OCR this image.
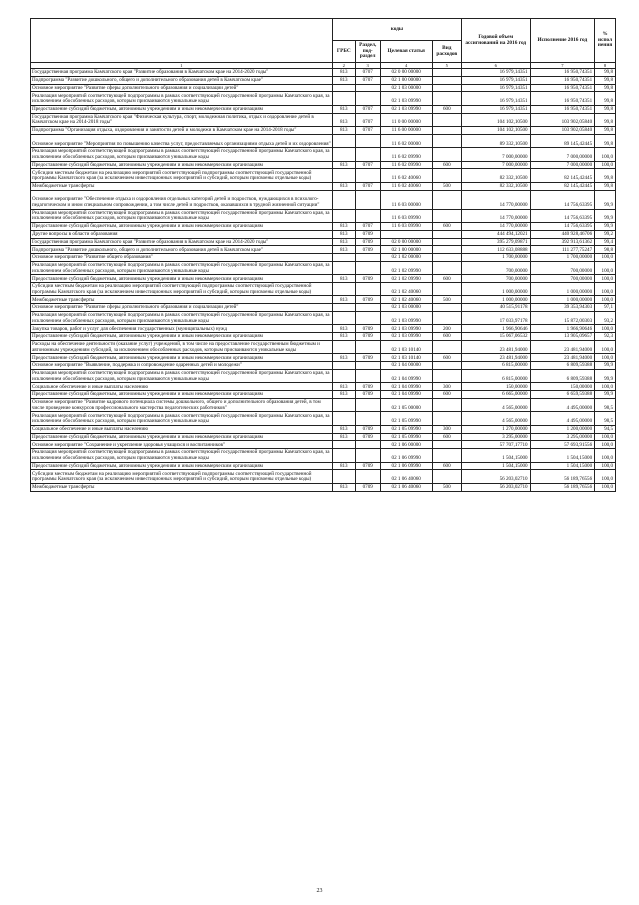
	коды				Годовой объем ассигнований на 2016 год	Исполнение 2016 год	% испол нения
	ГРБС	Раздел, под-раздел	Целевая статья	Вид расходов			
1	2	3	4	5	6	7	8
Государственная программа Камчатского края "Развитие образования в Камчатском крае на 2014-2020 годы"	813	0707	02 0 00 00000		16 979,14351	16 950,74351	99,8
Подпрограмма "Развитие дошкольного, общего и дополнительного образования детей в Камчатском крае"	813	0707	02 1 00 00000		16 979,14351	16 950,74351	99,8
Основное мероприятие "Развитие сферы дополнительного образования и социализации детей"			02 1 03 00000		16 979,14351	16 950,74351	99,8
Реализация мероприятий соответствующей подпрограммы в рамках соответствующей государственной программы Камчатского края, за исключением обособленных расходов, которым присваиваются уникальные коды			02 1 03 09990		16 979,14351	16 950,74351	99,8
Предоставление субсидий бюджетным, автономным учреждениям и иным некоммерческим организациям	813	0707	02 1 03 09990	600	16 979,14351	16 950,74351	99,8
Государственная программа Камчатского края "Физическая культура, спорт, молодежная политика, отдых и оздоровление детей в Камчатском крае на 2014-2018 годы"	813	0707	11 0 00 00000		104 102,10500	103 902,05840	99,8
Подпрограмма "Организация отдыха, оздоровления и занятости детей и молодежи в Камчатском крае на 2014-2018 годы"	813	0707	11 6 00 00000		104 102,10500	103 902,05840	99,8
Основное мероприятие "Мероприятия по повышению качества услуг, предоставляемых организациями отдыха детей и их оздоровления"			11 6 02 00000		89 332,10500	89 145,42445	99,8
Реализация мероприятий соответствующей подпрограммы в рамках соответствующей государственной программы Камчатского края, за исключением обособленных расходов, которым присваиваются уникальные коды			11 6 02 09990		7 000,00000	7 000,00000	100,0
Предоставление субсидий бюджетным, автономным учреждениям и иным некоммерческим организациям	813	0707	11 6 02 09990	600	7 000,00000	7 000,00000	100,0
Субсидии местным бюджетам на реализацию мероприятий соответствующей подпрограммы соответствующей государственной программы Камчатского края (за исключением инвестиционных мероприятий и субсидий, которым присвоены отдельные коды)			11 6 02 40060		82 332,10500	82 145,42445	99,8
Межбюджетные трансферты	813	0707	11 6 02 40060	500	82 332,10500	82 145,42445	99,8
Основное мероприятие "Обеспечение отдыха и оздоровления отдельных категорий детей и подростков, нуждающихся в психолого-педагогическом и ином специальном сопровождении, а том числе детей и подростков, оказавшихся в трудной жизненной ситуации"			11 6 03 00000		14 770,00000	14 756,63395	99,9
Реализация мероприятий соответствующей подпрограммы в рамках соответствующей государственной программы Камчатского края, за исключением обособленных расходов, которым присваиваются уникальные коды			11 6 03 09990		14 770,00000	14 756,63395	99,9
Предоставление субсидий бюджетным, автономным учреждениям и иным некоммерческим организациям	813	0707	11 6 03 09990	600	14 770,00000	14 756,63395	99,9
Другие вопросы в области образования	813	0709			444 494,12021	440 928,46706	99,2
Государственная программа Камчатского края "Развитие образования в Камчатском крае на 2014-2020 годы"	813	0709	02 0 00 00000		395 279,09871	392 913,61362	99,4
Подпрограмма "Развитие дошкольного, общего и дополнительного образования детей в Камчатском крае"	813	0709	02 1 00 00000		112 633,08888	111 277,75247	98,8
Основное мероприятие "Развитие общего образования"			02 1 02 00000		1 700,00000	1 700,00000	100,0
Реализация мероприятий соответствующей подпрограммы в рамках соответствующей государственной программы Камчатского края, за исключением обособленных расходов, которым присваиваются уникальные коды			02 1 02 09990		700,00000	700,00000	100,0
Предоставление субсидий бюджетным, автономным учреждениям и иным некоммерческим организациям	813	0709	02 1 02 09990	600	700,00000	700,00000	100,0
Субсидии местным бюджетам на реализацию мероприятий соответствующей подпрограммы соответствующей государственной программы Камчатского края (за исключением инвестиционных мероприятий и субсидий, которым присвоены отдельные коды)			02 1 02 40060		1 000,00000	1 000,00000	100,0
Межбюджетные трансферты	813	0709	02 1 02 40060	500	1 000,00000	1 000,00000	100,0
Основное мероприятие "Развитие сферы дополнительного образования и социализации детей"			02 1 03 00000		40 515,91178	39 353,94303	97,1
Реализация мероприятий соответствующей подпрограммы в рамках соответствующей государственной программы Камчатского края, за исключением обособленных расходов, которым присваиваются уникальные коды			02 1 03 09990		17 033,97178	15 872,00303	93,2
Закупка товаров, работ и услуг для обеспечения государственных (муниципальных) нужд	813	0709	02 1 03 09990	200	1 966,90646	1 966,90646	100,0
Предоставление субсидий бюджетным, автономным учреждениям и иным некоммерческим организациям	813	0709	02 1 03 09990	600	15 067,06532	13 905,09657	92,3
Расходы на обеспечение деятельности (оказание услуг) учреждений, в том числе на предоставление государственным бюджетным и автономным учреждениям субсидий, за исключением обособленных расходов, которым присваиваются уникальные коды			02 1 03 10140		23 481,94000	23 481,94000	100,0
Предоставление субсидий бюджетным, автономным учреждениям и иным некоммерческим организациям	813	0709	02 1 03 10140	600	23 481,94000	23 481,94000	100,0
Основное мероприятие "Выявление, поддержка и сопровождение одаренных детей и молодежи"			02 1 04 00000		6 815,00000	6 809,59388	99,9
Реализация мероприятий соответствующей подпрограммы в рамках соответствующей государственной программы Камчатского края, за исключением обособленных расходов, которым присваиваются уникальные коды			02 1 04 09990		6 815,00000	6 809,59388	99,9
Социальное обеспечение и иные выплаты населению	813	0709	02 1 04 09990	300	150,00000	150,00000	100,0
Предоставление субсидий бюджетным, автономным учреждениям и иным некоммерческим организациям	813	0709	02 1 04 09990	600	6 665,00000	6 659,59388	99,9
Основное мероприятие "Развитие кадрового потенциала системы дошкольного, общего и дополнительного образования детей, в том числе проведение конкурсов профессионального мастерства педагогических работников"			02 1 05 00000		4 565,00000	4 495,00000	98,5
Реализация мероприятий соответствующей подпрограммы в рамках соответствующей государственной программы Камчатского края, за исключением обособленных расходов, которым присваиваются уникальные коды			02 1 05 09990		4 565,00000	4 495,00000	98,5
Социальное обеспечение и иные выплаты населению	813	0709	02 1 05 09990	300	1 270,00000	1 200,00000	94,5
Предоставление субсидий бюджетным, автономным учреждениям и иным некоммерческим организациям	813	0709	02 1 05 09990	600	3 295,00000	3 295,00000	100,0
Основное мероприятие "Сохранение и укрепление здоровья учащихся и воспитанников"			02 1 06 00000		57 707,17710	57 693,91556	100,0
Реализация мероприятий соответствующей подпрограммы в рамках соответствующей государственной программы Камчатского края, за исключением обособленных расходов, которым присваиваются уникальные коды			02 1 06 09990		1 504,15000	1 504,15000	100,0
Предоставление субсидий бюджетным, автономным учреждениям и иным некоммерческим организациям	813	0709	02 1 06 09990	600	1 504,15000	1 504,15000	100,0
Субсидии местным бюджетам на реализацию мероприятий соответствующей подпрограммы соответствующей государственной программы Камчатского края (за исключением инвестиционных мероприятий и субсидий, которым присвоены отдельные коды)			02 1 06 40060		56 203,02710	56 189,76556	100,0
Межбюджетные трансферты	813	0709	02 1 06 40060	500	56 203,02710	56 189,76556	100,0
23
